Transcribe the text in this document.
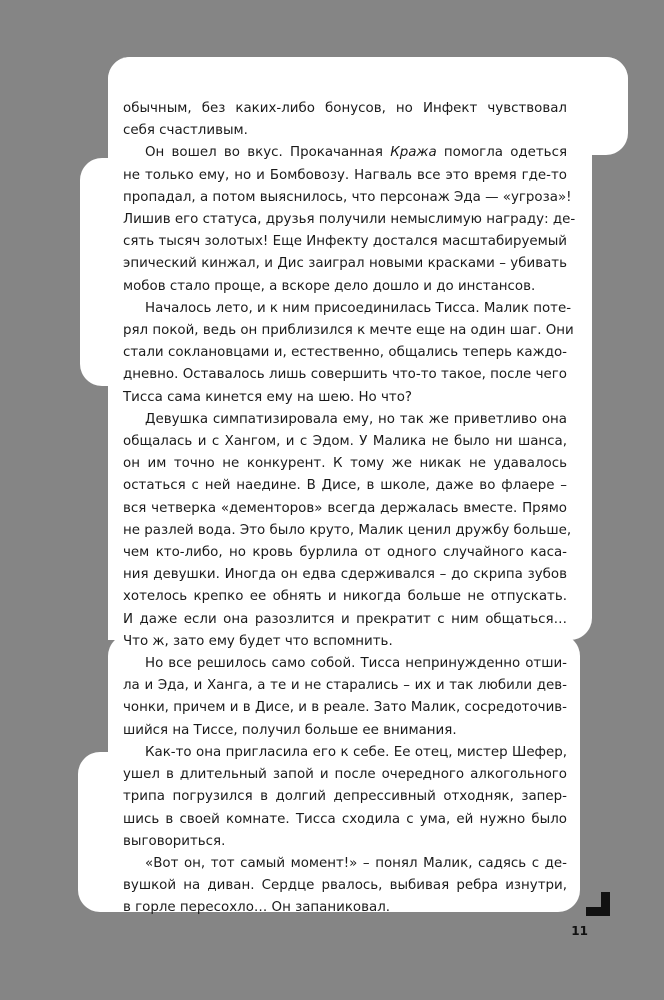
обычным, без каких-либо бонусов, но Инфект чувствовал
себя счастливым.
Он вошел во вкус. Прокачанная Кража помогла одеться
не только ему, но и Бомбовозу. Нагваль все это время где-то
пропадал, а потом выяснилось, что персонаж Эда — «угроза»!
Лишив его статуса, друзья получили немыслимую награду: де-
сять тысяч золотых! Еще Инфекту достался масштабируемый
эпический кинжал, и Дис заиграл новыми красками – убивать
мобов стало проще, а вскоре дело дошло и до инстансов.
Началось лето, и к ним присоединилась Тисса. Малик поте-
рял покой, ведь он приблизился к мечте еще на один шаг. Они
стали соклановцами и, естественно, общались теперь каждо-
дневно. Оставалось лишь совершить что-то такое, после чего
Тисса сама кинется ему на шею. Но что?
Девушка симпатизировала ему, но так же приветливо она
общалась и с Хангом, и с Эдом. У Малика не было ни шанса,
он им точно не конкурент. К тому же никак не удавалось
остаться с ней наедине. В Дисе, в школе, даже во флаере –
вся четверка «дементоров» всегда держалась вместе. Прямо
не разлей вода. Это было круто, Малик ценил дружбу больше,
чем кто-либо, но кровь бурлила от одного случайного каса-
ния девушки. Иногда он едва сдерживался – до скрипа зубов
хотелось крепко ее обнять и никогда больше не отпускать.
И даже если она разозлится и прекратит с ним общаться…
Что ж, зато ему будет что вспомнить.
Но все решилось само собой. Тисса непринужденно отши-
ла и Эда, и Ханга, а те и не старались – их и так любили дев-
чонки, причем и в Дисе, и в реале. Зато Малик, сосредоточив-
шийся на Тиссе, получил больше ее внимания.
Как-то она пригласила его к себе. Ее отец, мистер Шефер,
ушел в длительный запой и после очередного алкогольного
трипа погрузился в долгий депрессивный отходняк, запер-
шись в своей комнате. Тисса сходила с ума, ей нужно было
выговориться.
«Вот он, тот самый момент!» – понял Малик, садясь с де-
вушкой на диван. Сердце рвалось, выбивая ребра изнутри,
в горле пересохло… Он запаниковал.
11
